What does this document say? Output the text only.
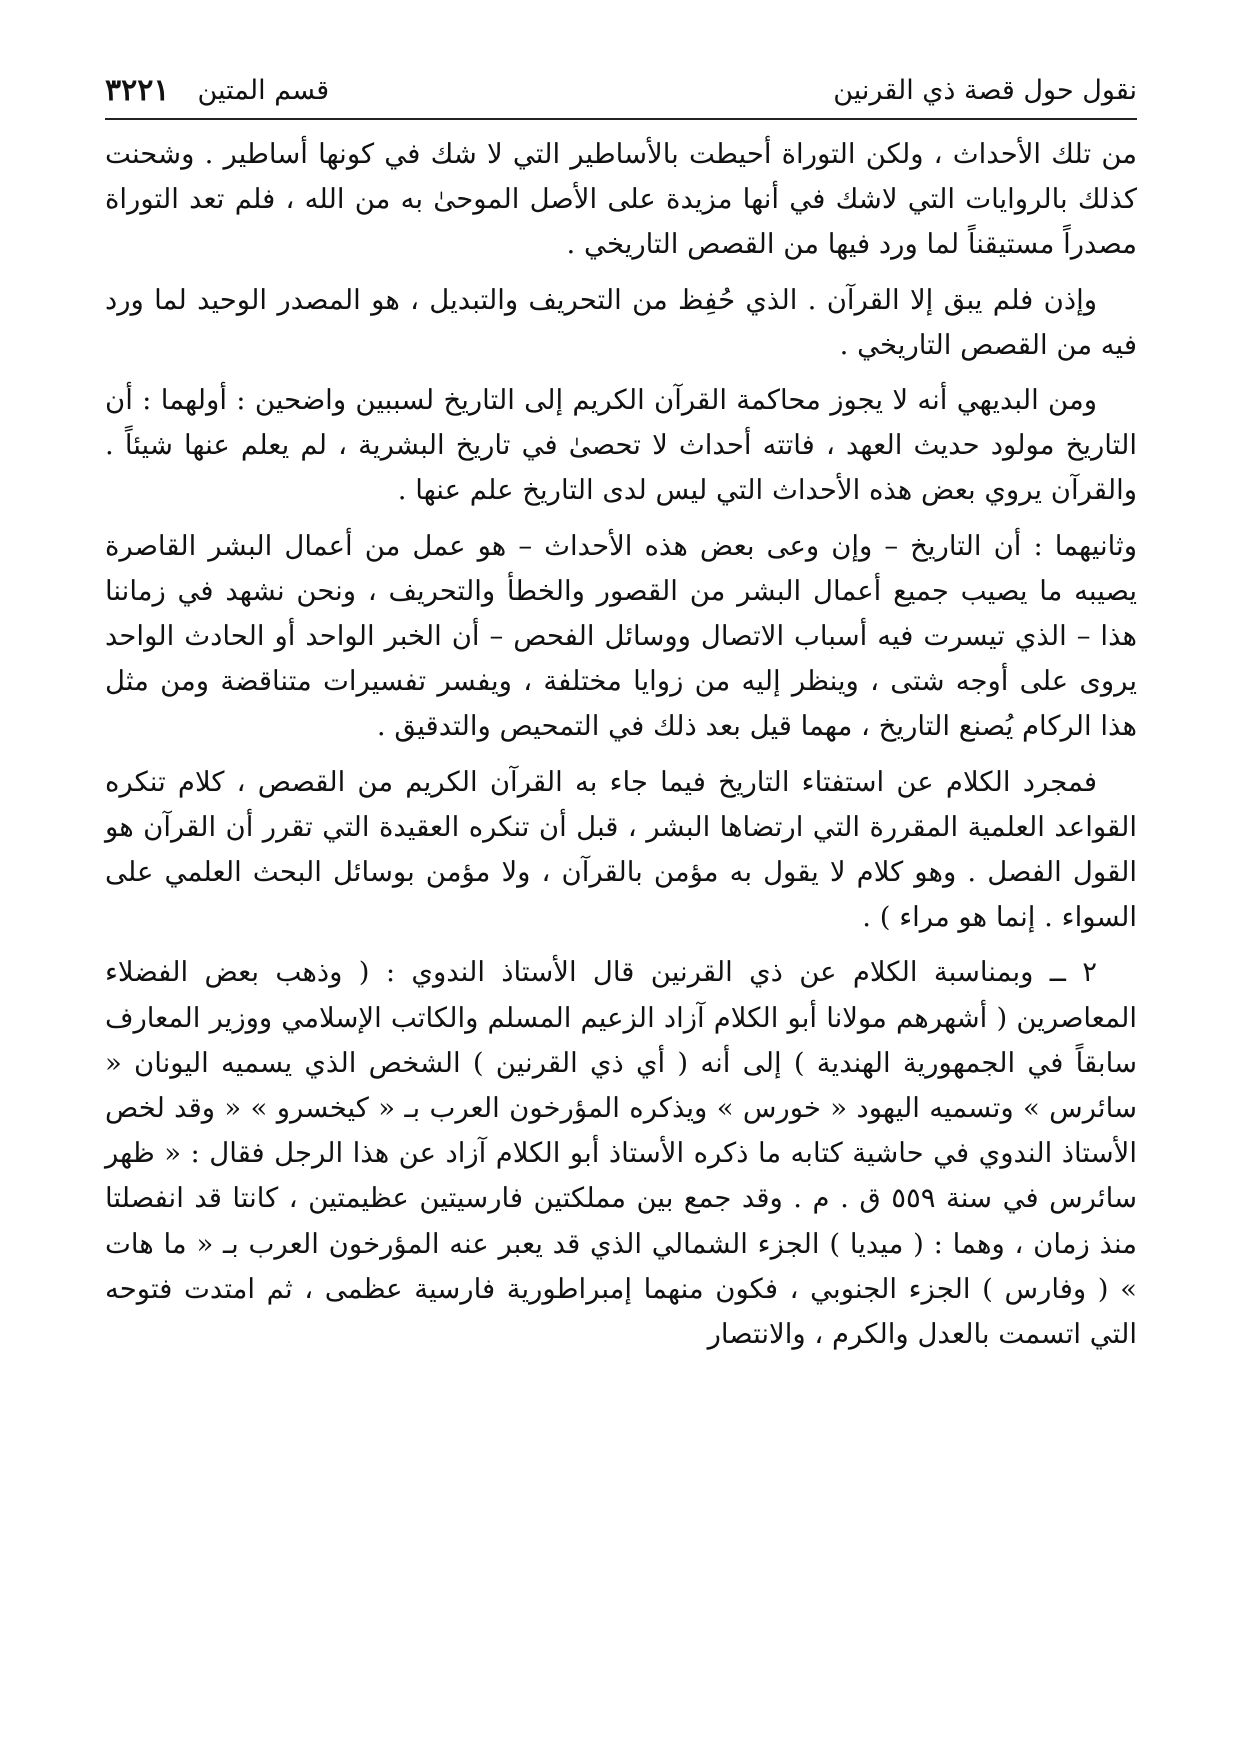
نقول حول قصة ذي القرنين
قسم المتين
٣٢٢١

من تلك الأحداث ، ولكن التوراة أحيطت بالأساطير التي لا شك في كونها أساطير . وشحنت كذلك بالروايات التي لاشك في أنها مزيدة على الأصل الموحىٰ به من الله ، فلم تعد التوراة مصدراً مستيقناً لما ورد فيها من القصص التاريخي .

وإذن فلم يبق إلا القرآن . الذي حُفِظ من التحريف والتبديل ، هو المصدر الوحيد لما ورد فيه من القصص التاريخي .

ومن البديهي أنه لا يجوز محاكمة القرآن الكريم إلى التاريخ لسببين واضحين : أولهما : أن التاريخ مولود حديث العهد ، فاتته أحداث لا تحصىٰ في تاريخ البشرية ، لم يعلم عنها شيئاً . والقرآن يروي بعض هذه الأحداث التي ليس لدى التاريخ علم عنها .

وثانيهما : أن التاريخ – وإن وعى بعض هذه الأحداث – هو عمل من أعمال البشر القاصرة يصيبه ما يصيب جميع أعمال البشر من القصور والخطأ والتحريف ، ونحن نشهد في زماننا هذا – الذي تيسرت فيه أسباب الاتصال ووسائل الفحص – أن الخبر الواحد أو الحادث الواحد يروى على أوجه شتى ، وينظر إليه من زوايا مختلفة ، ويفسر تفسيرات متناقضة ومن مثل هذا الركام يُصنع التاريخ ، مهما قيل بعد ذلك في التمحيص والتدقيق .

فمجرد الكلام عن استفتاء التاريخ فيما جاء به القرآن الكريم من القصص ، كلام تنكره القواعد العلمية المقررة التي ارتضاها البشر ، قبل أن تنكره العقيدة التي تقرر أن القرآن هو القول الفصل . وهو كلام لا يقول به مؤمن بالقرآن ، ولا مؤمن بوسائل البحث العلمي على السواء . إنما هو مراء ) .

٢ ــ وبمناسبة الكلام عن ذي القرنين قال الأستاذ الندوي : ( وذهب بعض الفضلاء المعاصرين ( أشهرهم مولانا أبو الكلام آزاد الزعيم المسلم والكاتب الإسلامي ووزير المعارف سابقاً في الجمهورية الهندية ) إلى أنه ( أي ذي القرنين ) الشخص الذي يسميه اليونان « سائرس » وتسميه اليهود « خورس » ويذكره المؤرخون العرب بـ « كيخسرو » « وقد لخص الأستاذ الندوي في حاشية كتابه ما ذكره الأستاذ أبو الكلام آزاد عن هذا الرجل فقال : « ظهر سائرس في سنة ٥٥٩ ق . م . وقد جمع بين مملكتين فارسيتين عظيمتين ، كانتا قد انفصلتا منذ زمان ، وهما : ( ميديا ) الجزء الشمالي الذي قد يعبر عنه المؤرخون العرب بـ « ما هات » ( وفارس ) الجزء الجنوبي ، فكون منهما إمبراطورية فارسية عظمى ، ثم امتدت فتوحه التي اتسمت بالعدل والكرم ، والانتصار
